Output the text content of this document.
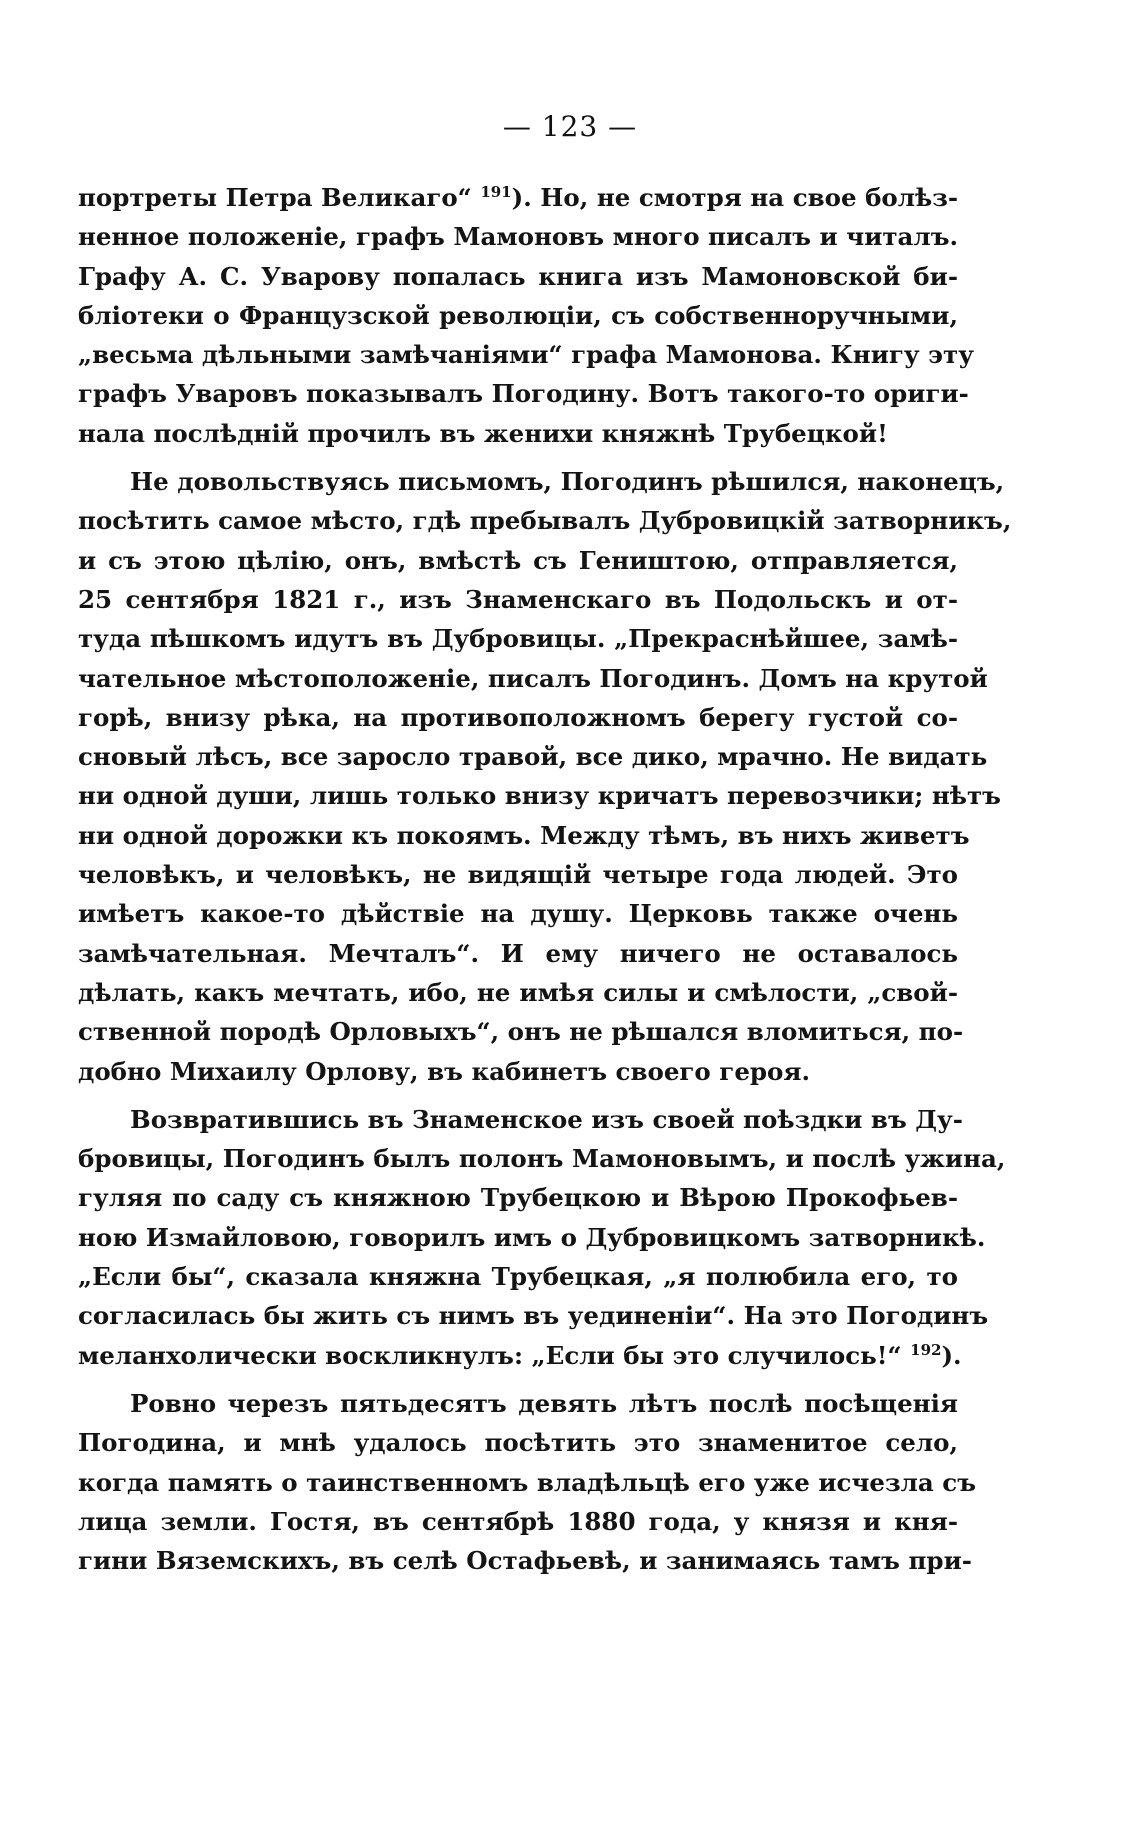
— 123 —
портреты Петра Великаго“ $^{191}$). Но, не смотря на свое болѣз-
ненное положеніе, графъ Мамоновъ много писалъ и читалъ.
Графу А. С. Уварову попалась книга изъ Мамоновской би-
бліотеки о Французской революціи, съ собственноручными,
„весьма дѣльными замѣчаніями“ графа Мамонова. Книгу эту
графъ Уваровъ показывалъ Погодину. Вотъ такого-то ориги-
нала послѣдній прочилъ въ женихи княжнѣ Трубецкой!
Не довольствуясь письмомъ, Погодинъ рѣшился, наконецъ,
посѣтить самое мѣсто, гдѣ пребывалъ Дубровицкій затворникъ,
и съ этою цѣлію, онъ, вмѣстѣ съ Геништою, отправляется,
25 сентября 1821 г., изъ Знаменскаго въ Подольскъ и от-
туда пѣшкомъ идутъ въ Дубровицы. „Прекраснѣйшее, замѣ-
чательное мѣстоположеніе, писалъ Погодинъ. Домъ на крутой
горѣ, внизу рѣка, на противоположномъ берегу густой со-
сновый лѣсъ, все заросло травой, все дико, мрачно. Не видать
ни одной души, лишь только внизу кричатъ перевозчики; нѣтъ
ни одной дорожки къ покоямъ. Между тѣмъ, въ нихъ живетъ
человѣкъ, и человѣкъ, не видящій четыре года людей. Это
имѣетъ какое-то дѣйствіе на душу. Церковь также очень
замѣчательная. Мечталъ“. И ему ничего не оставалось
дѣлать, какъ мечтать, ибо, не имѣя силы и смѣлости, „свой-
ственной породѣ Орловыхъ“, онъ не рѣшался вломиться, по-
добно Михаилу Орлову, въ кабинетъ своего героя.
Возвратившись въ Знаменское изъ своей поѣздки въ Ду-
бровицы, Погодинъ былъ полонъ Мамоновымъ, и послѣ ужина,
гуляя по саду съ княжною Трубецкою и Вѣрою Прокофьев-
ною Измайловою, говорилъ имъ о Дубровицкомъ затворникѣ.
„Если бы“, сказала княжна Трубецкая, „я полюбила его, то
согласилась бы жить съ нимъ въ уединеніи“. На это Погодинъ
меланхолически воскликнулъ: „Если бы это случилось!“ $^{192}$).
Ровно черезъ пятьдесятъ девять лѣтъ послѣ посѣщенія
Погодина, и мнѣ удалось посѣтить это знаменитое село,
когда память о таинственномъ владѣльцѣ его уже исчезла съ
лица земли. Гостя, въ сентябрѣ 1880 года, у князя и кня-
гини Вяземскихъ, въ селѣ Остафьевѣ, и занимаясь тамъ при-
